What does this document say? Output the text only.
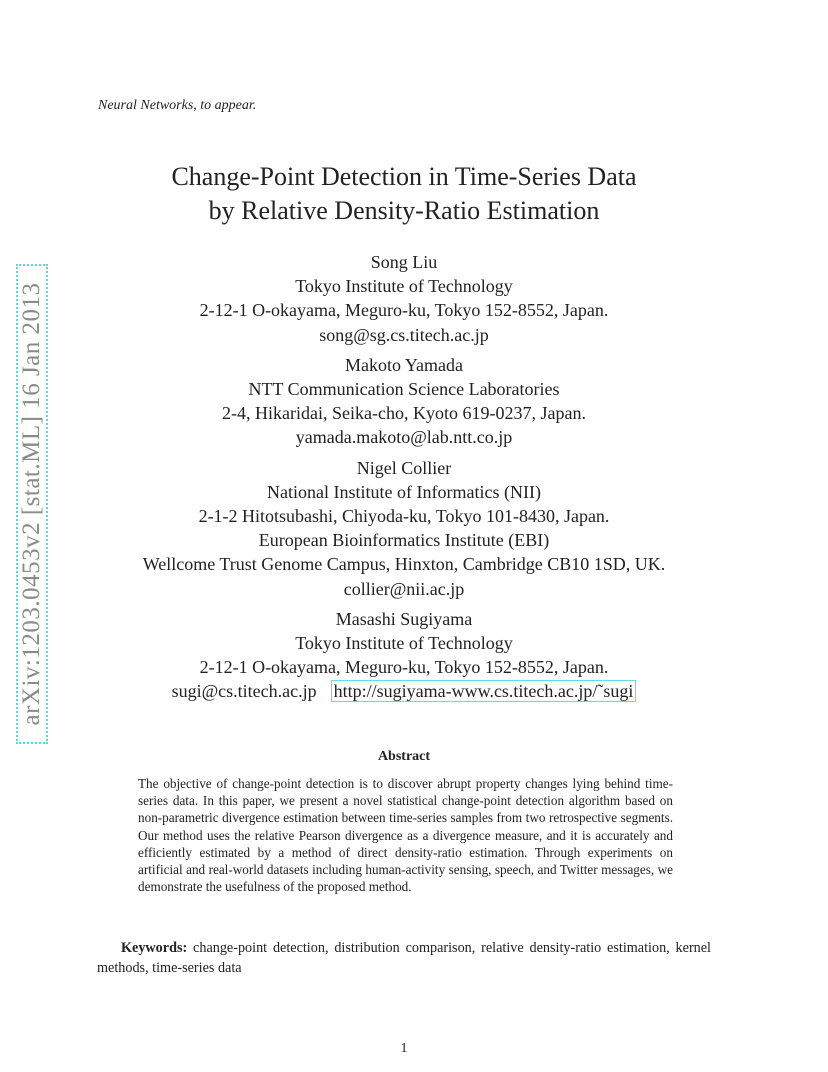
Neural Networks, to appear.
Change-Point Detection in Time-Series Data
by Relative Density-Ratio Estimation
Song Liu
Tokyo Institute of Technology
2-12-1 O-okayama, Meguro-ku, Tokyo 152-8552, Japan.
song@sg.cs.titech.ac.jp
Makoto Yamada
NTT Communication Science Laboratories
2-4, Hikaridai, Seika-cho, Kyoto 619-0237, Japan.
yamada.makoto@lab.ntt.co.jp
Nigel Collier
National Institute of Informatics (NII)
2-1-2 Hitotsubashi, Chiyoda-ku, Tokyo 101-8430, Japan.
European Bioinformatics Institute (EBI)
Wellcome Trust Genome Campus, Hinxton, Cambridge CB10 1SD, UK.
collier@nii.ac.jp
Masashi Sugiyama
Tokyo Institute of Technology
2-12-1 O-okayama, Meguro-ku, Tokyo 152-8552, Japan.
sugi@cs.titech.ac.jp http://sugiyama-www.cs.titech.ac.jp/˜sugi
Abstract
The objective of change-point detection is to discover abrupt property changes lying behind time-series data. In this paper, we present a novel statistical change-point detection algorithm based on non-parametric divergence estimation between time-series samples from two retrospective segments. Our method uses the relative Pearson divergence as a divergence measure, and it is accurately and efficiently estimated by a method of direct density-ratio estimation. Through experiments on artificial and real-world datasets including human-activity sensing, speech, and Twitter messages, we demonstrate the usefulness of the proposed method.
Keywords: change-point detection, distribution comparison, relative density-ratio estimation, kernel methods, time-series data
1
arXiv:1203.0453v2 [stat.ML] 16 Jan 2013
